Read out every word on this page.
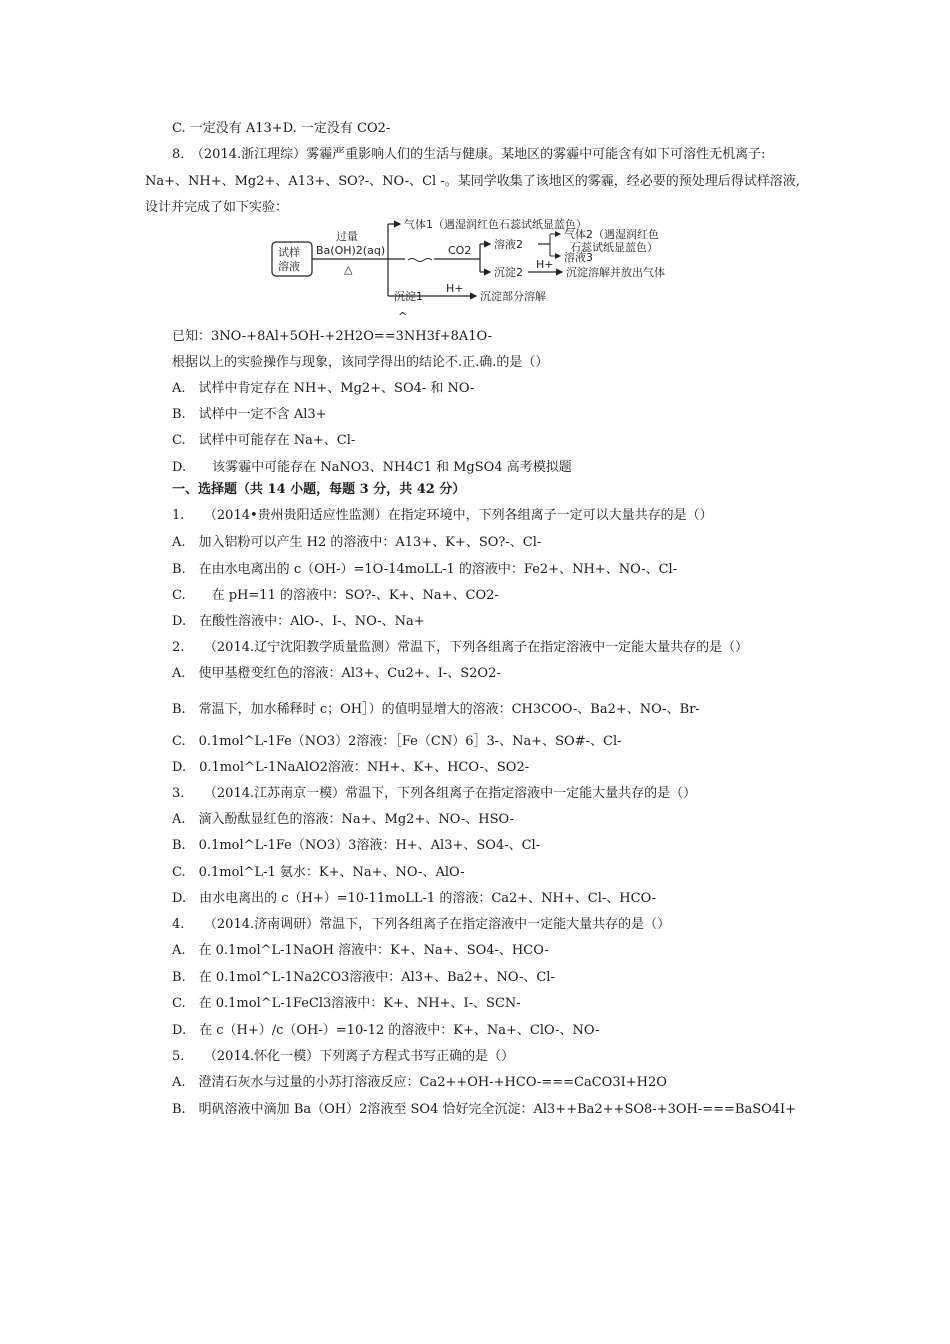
C. 一定没有 A13+D. 一定没有 CO2-
8.　（2014.浙江理综）雾霾严重影响人们的生活与健康。某地区的雾霾中可能含有如下可溶性无机离子:
Na+、NH+、Mg2+、A13+、SO?-、NO-、Cl -。某同学收集了该地区的雾霾，经必要的预处理后得试样溶液,
设计并完成了如下实验：
试样
溶液
过量
Ba(OH)2(aq)
△
气体1（遇湿润红色石蕊试纸显蓝色）
CO2 溶液2
气体2（遇湿润红色
石蕊试纸显蓝色）
溶液3
沉淀2
H+
沉淀溶解并放出气体
沉淀1
H+
沉淀部分溶解
^
已知：3NO-+8Al+5OH-+2H2O==3NH3f+8A1O-
根据以上的实验操作与现象，该同学得出的结论不.正.确.的是（）
A.　试样中肯定存在 NH+、Mg2+、SO4- 和 NO-
B.　试样中一定不含 Al3+
C.　试样中可能存在 Na+、Cl-
D.　　该雾霾中可能存在 NaNO3、NH4C1 和 MgSO4 高考模拟题
一、选择题（共 14 小题，每题 3 分，共 42 分）
1.　　（2014•贵州贵阳适应性监测）在指定环境中，下列各组离子一定可以大量共存的是（）
A.　加入铝粉可以产生 H2 的溶液中：A13+、K+、SO?-、Cl-
B.　在由水电离出的 c（OH-）=1O-14moLL-1 的溶液中：Fe2+、NH+、NO-、Cl-
C.　　在 pH=11 的溶液中：SO?-、K+、Na+、CO2-
D.　在酸性溶液中：AlO-、I-、NO-、Na+
2.　　（2014.辽宁沈阳教学质量监测）常温下，下列各组离子在指定溶液中一定能大量共存的是（）
A.　使甲基橙变红色的溶液：Al3+、Cu2+、I-、S2O2-
B.　常温下，加水稀释时 c；OH］）的值明显增大的溶液：CH3COO-、Ba2+、NO-、Br-
C.　0.1mol^L-1Fe（NO3）2溶液：［Fe（CN）6］3-、Na+、SO#-、Cl-
D.　0.1mol^L-1NaAlO2溶液：NH+、K+、HCO-、SO2-
3.　　（2014.江苏南京一模）常温下，下列各组离子在指定溶液中一定能大量共存的是（）
A.　滴入酚酞显红色的溶液：Na+、Mg2+、NO-、HSO-
B.　0.1mol^L-1Fe（NO3）3溶液：H+、Al3+、SO4-、Cl-
C.　0.1mol^L-1 氨水：K+、Na+、NO-、AlO-
D.　由水电离出的 c（H+）=10-11moLL-1 的溶液：Ca2+、NH+、Cl-、HCO-
4.　　（2014.济南调研）常温下，下列各组离子在指定溶液中一定能大量共存的是（）
A.　在 0.1mol^L-1NaOH 溶液中：K+、Na+、SO4-、HCO-
B.　在 0.1mol^L-1Na2CO3溶液中：Al3+、Ba2+、NO-、Cl-
C.　在 0.1mol^L-1FeCl3溶液中：K+、NH+、I-、SCN-
D.　在 c（H+）/c（OH-）=10-12 的溶液中：K+、Na+、ClO-、NO-
5.　　（2014.怀化一模）下列离子方程式书写正确的是（）
A.　澄清石灰水与过量的小苏打溶液反应：Ca2++OH-+HCO-===CaCO3I+H2O
B.　明矾溶液中滴加 Ba（OH）2溶液至 SO4 恰好完全沉淀：Al3++Ba2++SO8-+3OH-===BaSO4I+
